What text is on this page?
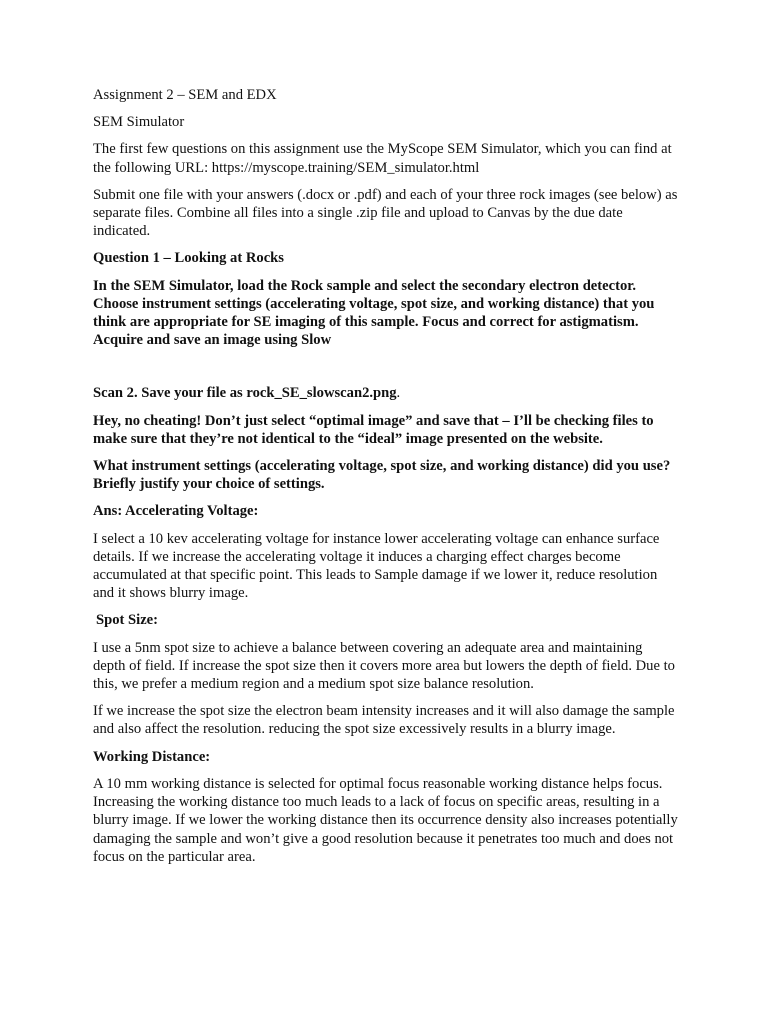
Assignment 2 – SEM and EDX

SEM Simulator

The first few questions on this assignment use the MyScope SEM Simulator, which you can find at the following URL: https://myscope.training/SEM_simulator.html

Submit one file with your answers (.docx or .pdf) and each of your three rock images (see below) as separate files. Combine all files into a single .zip file and upload to Canvas by the due date indicated.

Question 1 – Looking at Rocks

In the SEM Simulator, load the Rock sample and select the secondary electron detector. Choose instrument settings (accelerating voltage, spot size, and working distance) that you think are appropriate for SE imaging of this sample. Focus and correct for astigmatism. Acquire and save an image using Slow

Scan 2. Save your file as rock_SE_slowscan2.png.

Hey, no cheating! Don’t just select “optimal image” and save that – I’ll be checking files to make sure that they’re not identical to the “ideal” image presented on the website.

What instrument settings (accelerating voltage, spot size, and working distance) did you use? Briefly justify your choice of settings.

Ans: Accelerating Voltage:

I select a 10 kev accelerating voltage for instance lower accelerating voltage can enhance surface details. If we increase the accelerating voltage it induces a charging effect charges become accumulated at that specific point. This leads to Sample damage if we lower it, reduce resolution and it shows blurry image.

Spot Size:

I use a 5nm spot size to achieve a balance between covering an adequate area and maintaining depth of field. If increase the spot size then it covers more area but lowers the depth of field. Due to this, we prefer a medium region and a medium spot size balance resolution.

If we increase the spot size the electron beam intensity increases and it will also damage the sample and also affect the resolution. reducing the spot size excessively results in a blurry image.

Working Distance:

A 10 mm working distance is selected for optimal focus reasonable working distance helps focus. Increasing the working distance too much leads to a lack of focus on specific areas, resulting in a blurry image. If we lower the working distance then its occurrence density also increases potentially damaging the sample and won’t give a good resolution because it penetrates too much and does not focus on the particular area.
